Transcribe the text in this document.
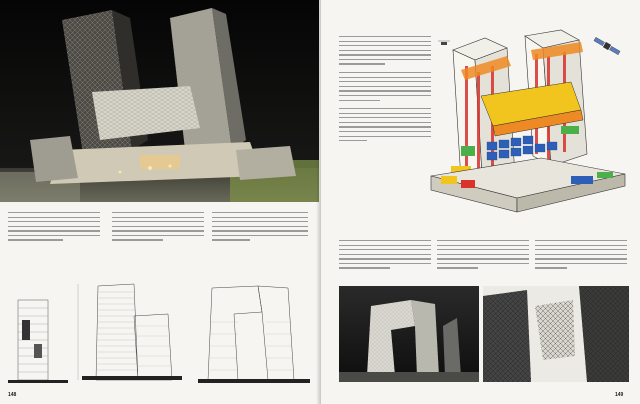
148	149
